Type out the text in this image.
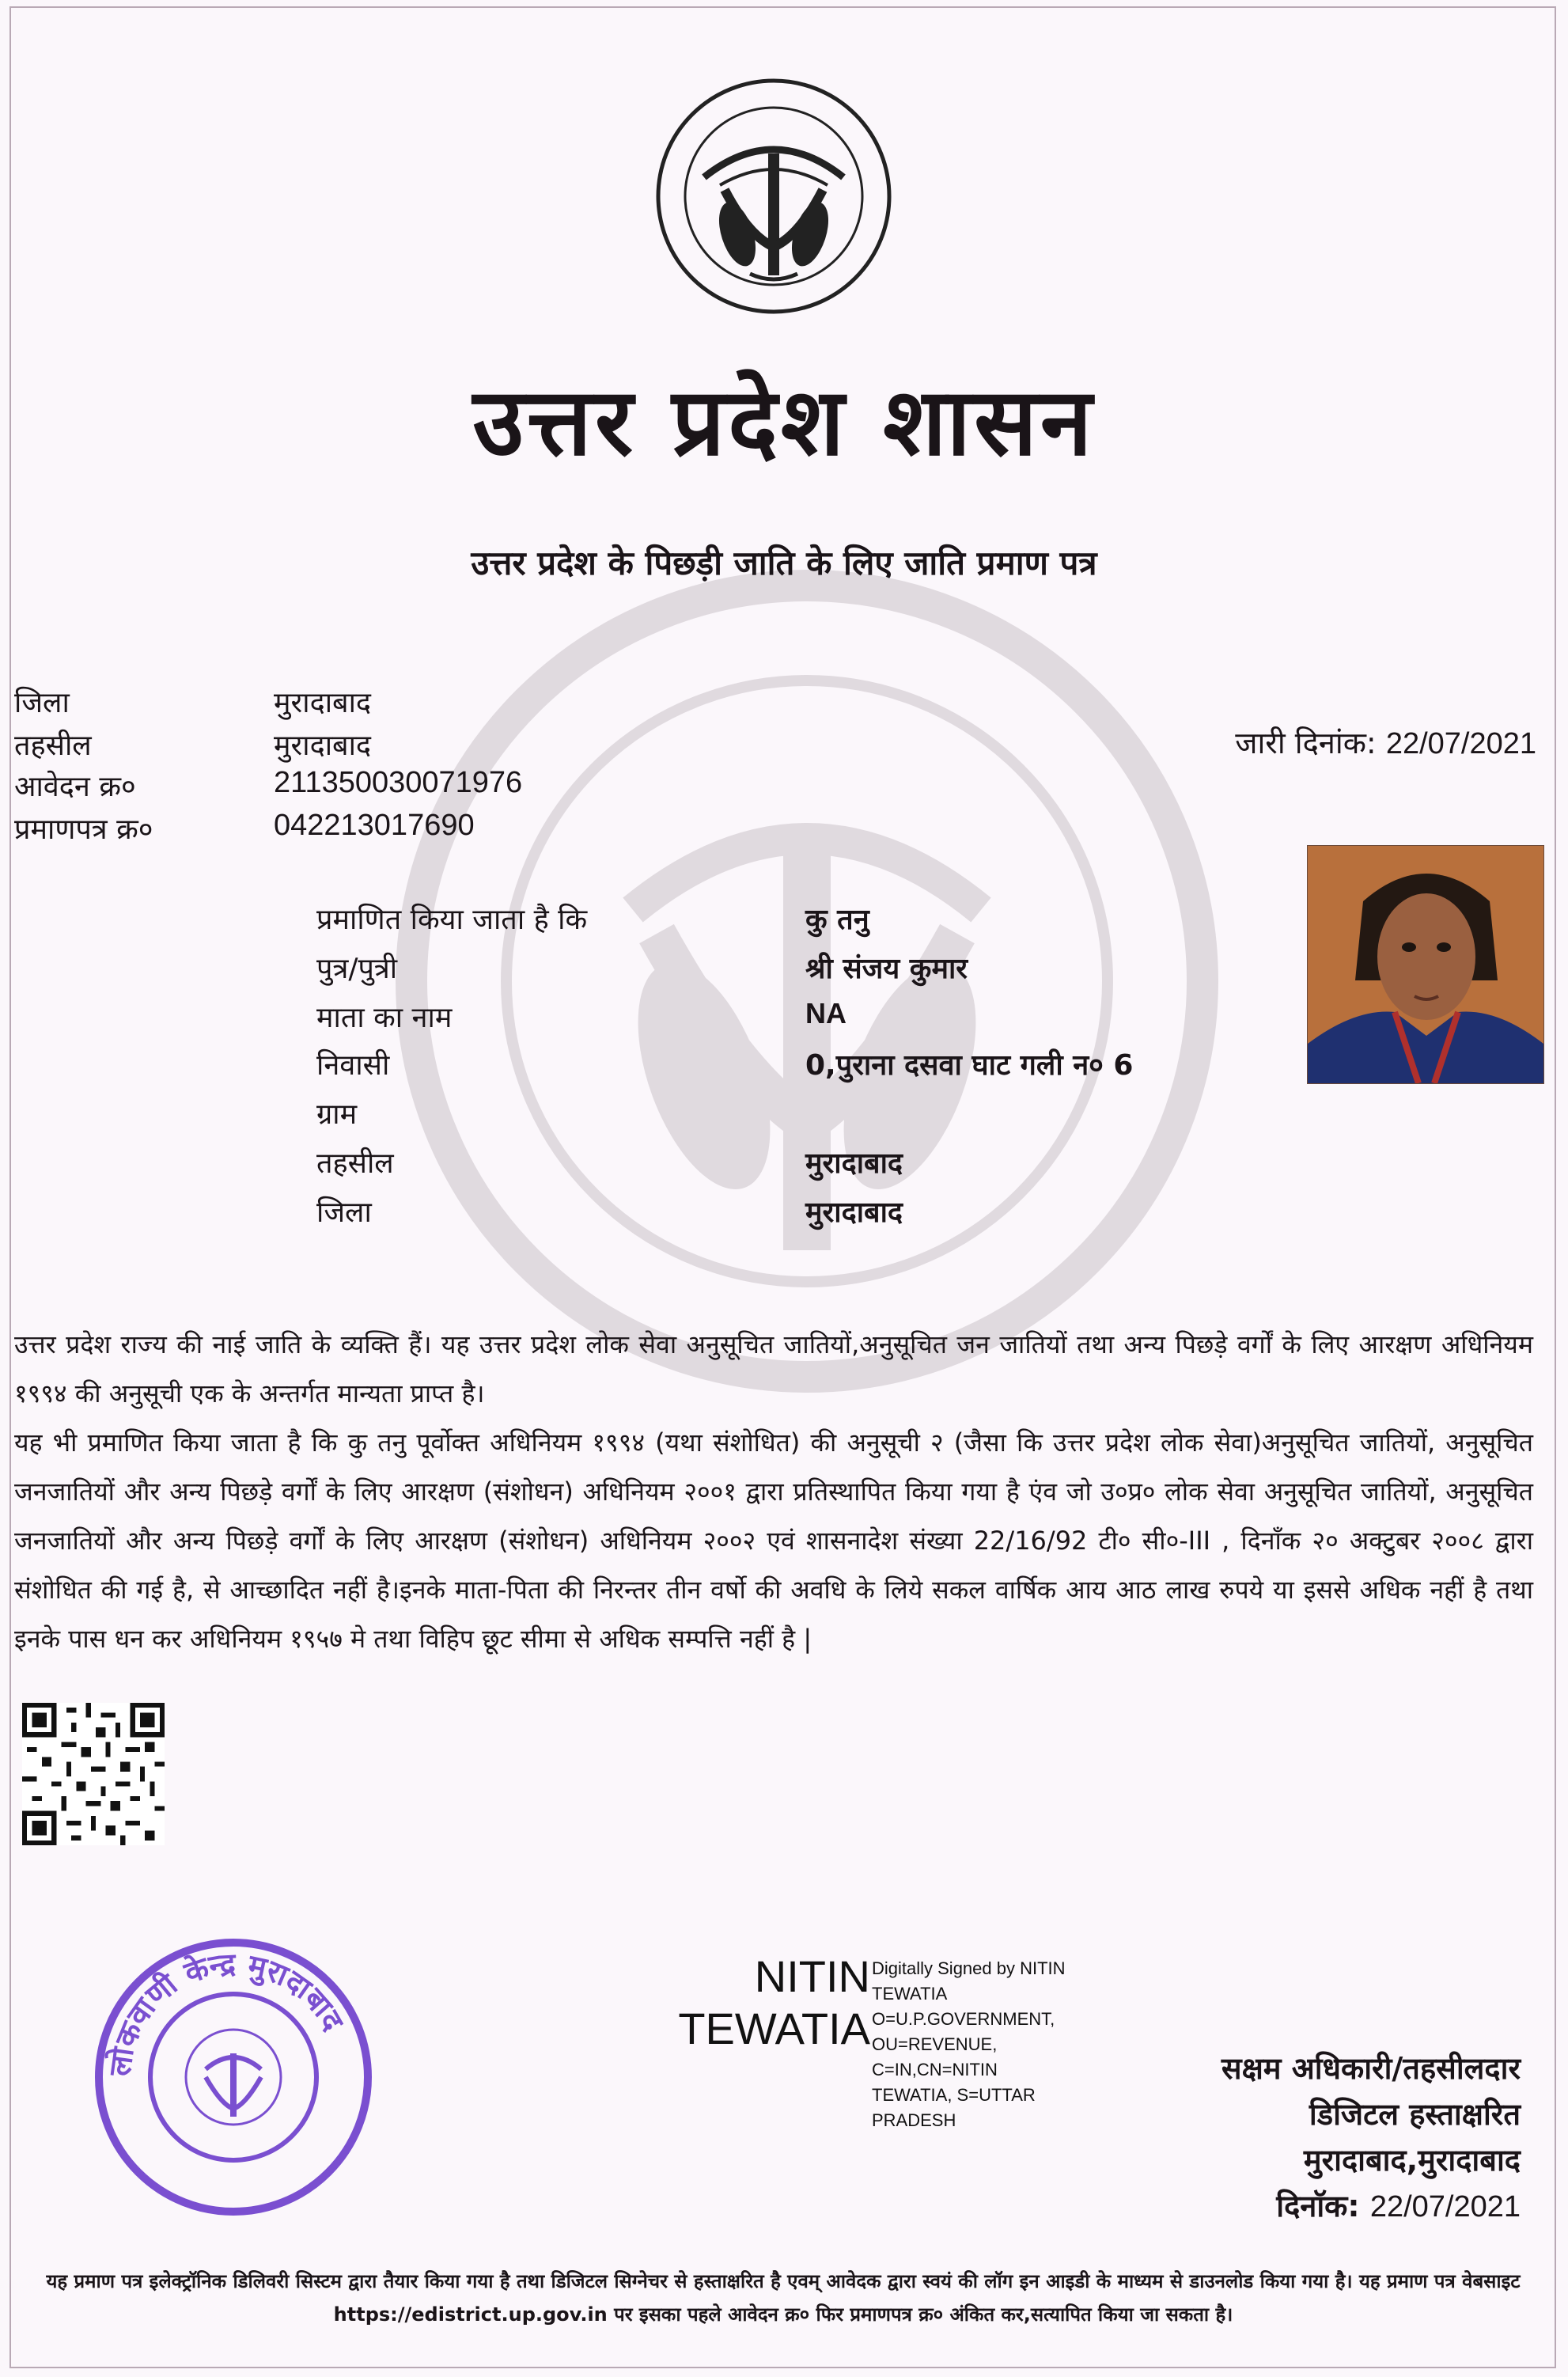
उत्तर प्रदेश शासन
उत्तर प्रदेश के पिछड़ी जाति के लिए जाति प्रमाण पत्र
जिला	मुरादाबाद
तहसील	मुरादाबाद
आवेदन क्र०	211350030071976
प्रमाणपत्र क्र०	042213017690
जारी दिनांक: 22/07/2021
प्रमाणित किया जाता है कि	कु तनु
पुत्र/पुत्री	श्री संजय कुमार
माता का नाम	NA
निवासी	0,पुराना दसवा घाट गली न० 6
ग्राम
तहसील	मुरादाबाद
जिला	मुरादाबाद

उत्तर प्रदेश राज्य की नाई जाति के व्यक्ति हैं। यह उत्तर प्रदेश लोक सेवा अनुसूचित जातियों,अनुसूचित जन जातियों तथा अन्य पिछड़े वर्गों के लिए आरक्षण अधिनियम १९९४ की अनुसूची एक के अन्तर्गत मान्यता प्राप्त है।

यह भी प्रमाणित किया जाता है कि कु तनु पूर्वोक्त अधिनियम १९९४ (यथा संशोधित) की अनुसूची २ (जैसा कि उत्तर प्रदेश लोक सेवा)अनुसूचित जातियों, अनुसूचित जनजातियों और अन्य पिछड़े वर्गों के लिए आरक्षण (संशोधन) अधिनियम २००१ द्वारा प्रतिस्थापित किया गया है एंव जो उ०प्र० लोक सेवा अनुसूचित जातियों, अनुसूचित जनजातियों और अन्य पिछड़े वर्गों के लिए आरक्षण (संशोधन) अधिनियम २००२ एवं शासनादेश संख्या 22/16/92 टी० सी०-III , दिनाँक २० अक्टुबर २००८ द्वारा संशोधित की गई है, से आच्छादित नहीं है।इनके माता-पिता की निरन्तर तीन वर्षो की अवधि के लिये सकल वार्षिक आय आठ लाख रुपये या इससे अधिक नहीं है तथा इनके पास धन कर अधिनियम १९५७ मे तथा विहिप छूट सीमा से अधिक सम्पत्ति नहीं है |

लोकवाणी केन्द्र मुरादाबाद
NITIN
TEWATIA
Digitally Signed by NITIN
TEWATIA
O=U.P.GOVERNMENT,
OU=REVENUE,
C=IN,CN=NITIN
TEWATIA, S=UTTAR
PRADESH
सक्षम अधिकारी/तहसीलदार
डिजिटल हस्ताक्षरित
मुरादाबाद,मुरादाबाद
दिनाॅक: 22/07/2021
यह प्रमाण पत्र इलेक्ट्रॉनिक डिलिवरी सिस्टम द्वारा तैयार किया गया है तथा डिजिटल सिग्नेचर से हस्ताक्षरित है एवम् आवेदक द्वारा स्वयं की लॉग इन आइडी के माध्यम से डाउनलोड किया गया है। यह प्रमाण पत्र वेबसाइट https://edistrict.up.gov.in पर इसका पहले आवेदन क्र० फिर प्रमाणपत्र क्र० अंकित कर,सत्यापित किया जा सकता है।
